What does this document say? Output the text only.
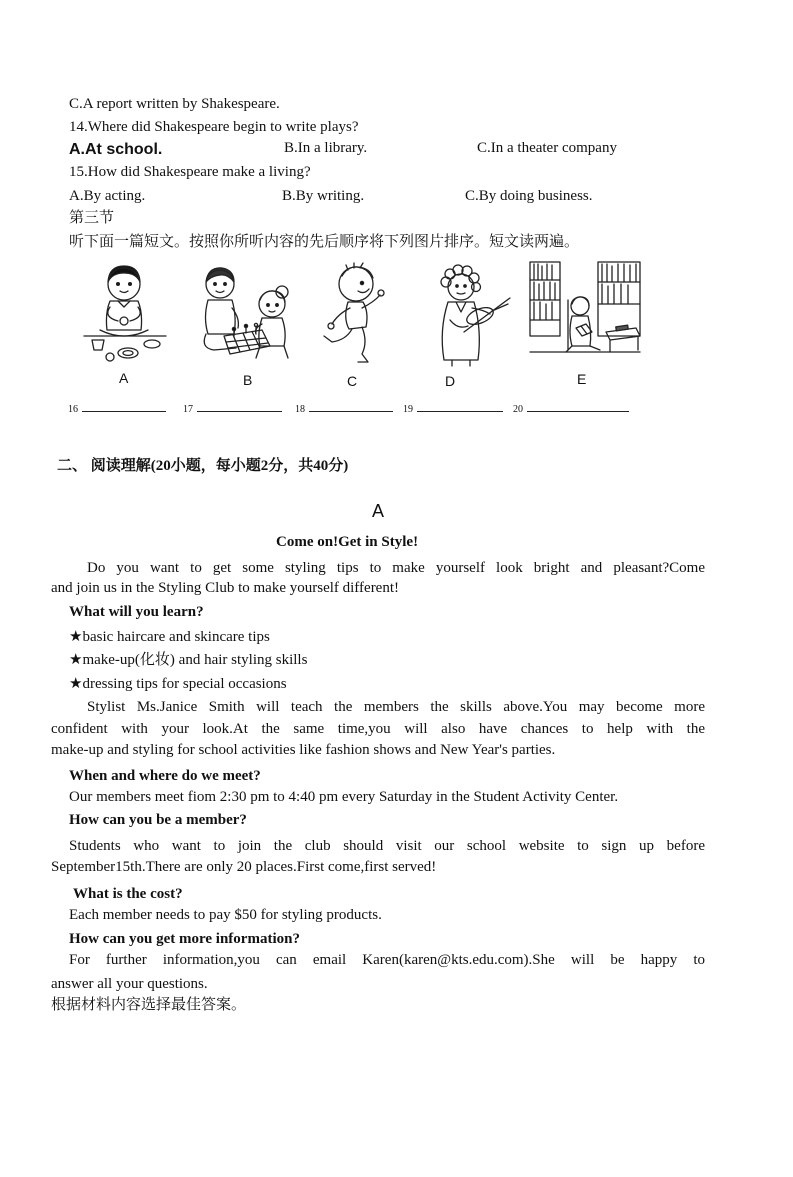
C.A report written by Shakespeare.
14.Where did Shakespeare begin to write plays?
A.At school.	B.In a library.	C.In a theater company
15.How did Shakespeare make a living?
A.By acting.	B.By writing.	C.By doing business.
第三节
听下面一篇短文。按照你所听内容的先后顺序将下列图片排序。短文读两遍。
A	B	C	D	E
16	17	18	19	20
二、 阅读理解(20小题，每小题2分，共40分)
A
Come on!Get in Style!
Do you want to get some styling tips to make yourself look bright and pleasant?Come
and join us in the Styling Club to make yourself different!
What will you learn?
★basic haircare and skincare tips
★make-up(化妆) and hair styling skills
★dressing tips for special occasions
Stylist Ms.Janice Smith will teach the members the skills above.You may become more
confident with your look.At the same time,you will also have chances to help with the
make-up and styling for school activities like fashion shows and New Year's parties.
When and where do we meet?
Our members meet fiom 2:30 pm to 4:40 pm every Saturday in the Student Activity Center.
How can you be a member?
Students who want to join the club should visit our school website to sign up before
September15th.There are only 20 places.First come,first served!
What is the cost?
Each member needs to pay $50 for styling products.
How can you get more information?
For further information,you can email Karen(karen@kts.edu.com).She will be happy to
answer all your questions.
根据材料内容选择最佳答案。
